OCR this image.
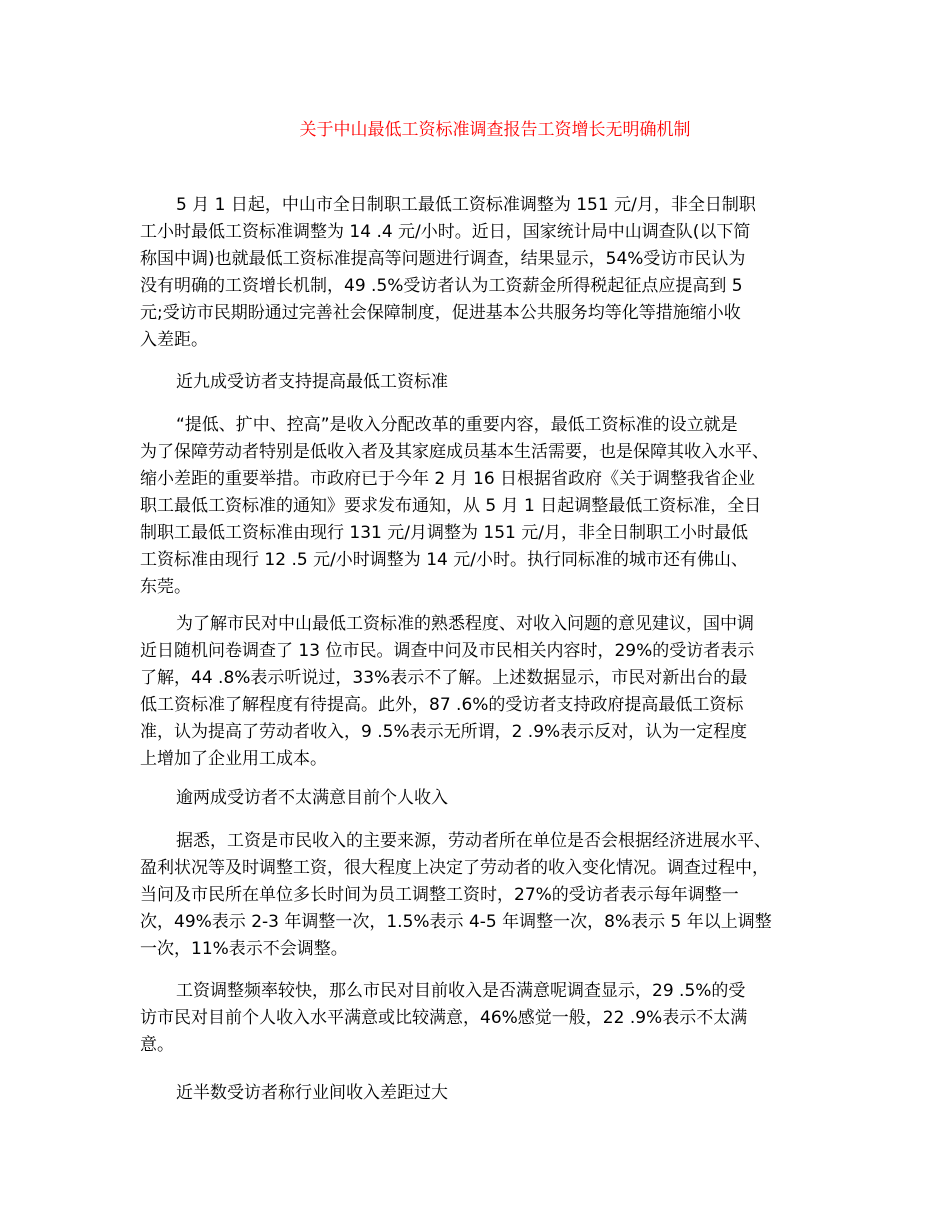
关于中山最低工资标准调查报告工资增长无明确机制

5 月 1 日起，中山市全日制职工最低工资标准调整为 151 元/月，非全日制职
工小时最低工资标准调整为 14 .4 元/小时。近日，国家统计局中山调查队(以下简
称国中调)也就最低工资标准提高等问题进行调查，结果显示，54%受访市民认为
没有明确的工资增长机制，49 .5%受访者认为工资薪金所得税起征点应提高到 5
元;受访市民期盼通过完善社会保障制度，促进基本公共服务均等化等措施缩小收
入差距。

近九成受访者支持提高最低工资标准

“提低、扩中、控高”是收入分配改革的重要内容，最低工资标准的设立就是
为了保障劳动者特别是低收入者及其家庭成员基本生活需要，也是保障其收入水平、
缩小差距的重要举措。市政府已于今年 2 月 16 日根据省政府《关于调整我省企业
职工最低工资标准的通知》要求发布通知，从 5 月 1 日起调整最低工资标准，全日
制职工最低工资标准由现行 131 元/月调整为 151 元/月，非全日制职工小时最低
工资标准由现行 12 .5 元/小时调整为 14 元/小时。执行同标准的城市还有佛山、
东莞。

为了解市民对中山最低工资标准的熟悉程度、对收入问题的意见建议，国中调
近日随机问卷调查了 13 位市民。调查中问及市民相关内容时，29%的受访者表示
了解，44 .8%表示听说过，33%表示不了解。上述数据显示，市民对新出台的最
低工资标准了解程度有待提高。此外，87 .6%的受访者支持政府提高最低工资标
准，认为提高了劳动者收入，9 .5%表示无所谓，2 .9%表示反对，认为一定程度
上增加了企业用工成本。

逾两成受访者不太满意目前个人收入

据悉，工资是市民收入的主要来源，劳动者所在单位是否会根据经济进展水平、
盈利状况等及时调整工资，很大程度上决定了劳动者的收入变化情况。调查过程中，
当问及市民所在单位多长时间为员工调整工资时，27%的受访者表示每年调整一
次，49%表示 2-3 年调整一次，1.5%表示 4-5 年调整一次，8%表示 5 年以上调整
一次，11%表示不会调整。

工资调整频率较快，那么市民对目前收入是否满意呢调查显示，29 .5%的受
访市民对目前个人收入水平满意或比较满意，46%感觉一般，22 .9%表示不太满
意。

近半数受访者称行业间收入差距过大
